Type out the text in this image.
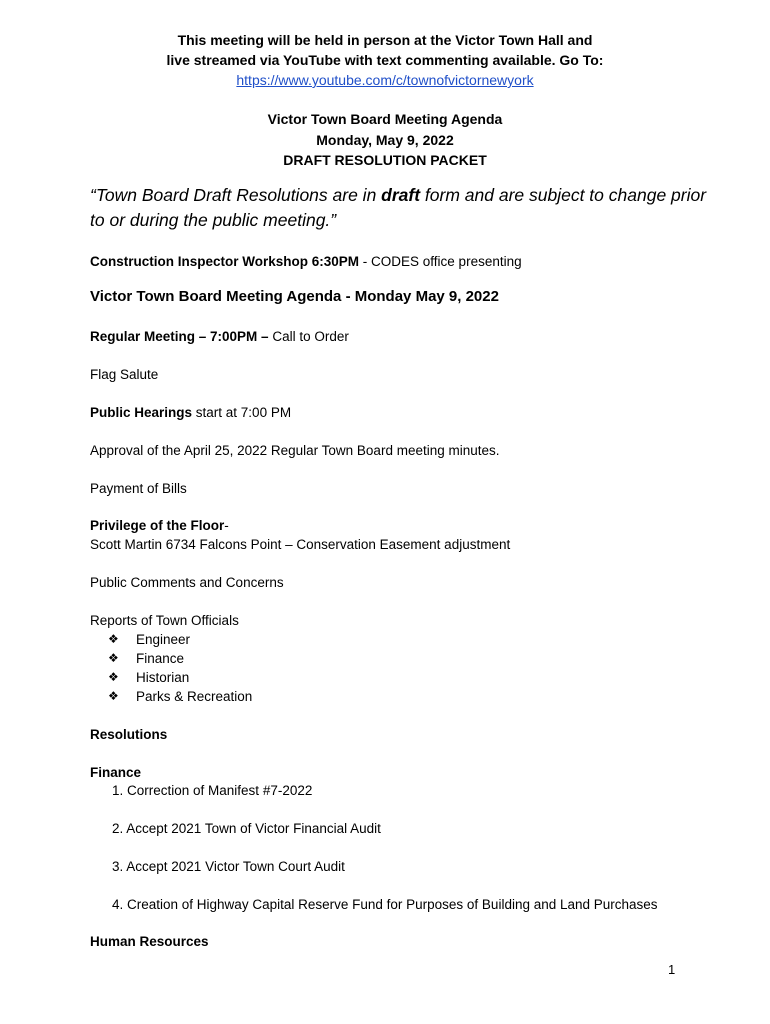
This meeting will be held in person at the Victor Town Hall and
live streamed via YouTube with text commenting available. Go To:
https://www.youtube.com/c/townofvictornewyork
Victor Town Board Meeting Agenda
Monday, May 9, 2022
DRAFT RESOLUTION PACKET
“Town Board Draft Resolutions are in draft form and are subject to change prior to or during the public meeting.”
Construction Inspector Workshop 6:30PM - CODES office presenting
Victor Town Board Meeting Agenda - Monday May 9, 2022
Regular Meeting – 7:00PM – Call to Order
Flag Salute
Public Hearings start at 7:00 PM
Approval of the April 25, 2022 Regular Town Board meeting minutes.
Payment of Bills
Privilege of the Floor-
Scott Martin 6734 Falcons Point – Conservation Easement adjustment
Public Comments and Concerns
Reports of Town Officials
❖ Engineer
❖ Finance
❖ Historian
❖ Parks & Recreation
Resolutions
Finance
1. Correction of Manifest #7-2022
2. Accept 2021 Town of Victor Financial Audit
3. Accept 2021 Victor Town Court Audit
4. Creation of Highway Capital Reserve Fund for Purposes of Building and Land Purchases
Human Resources
1
